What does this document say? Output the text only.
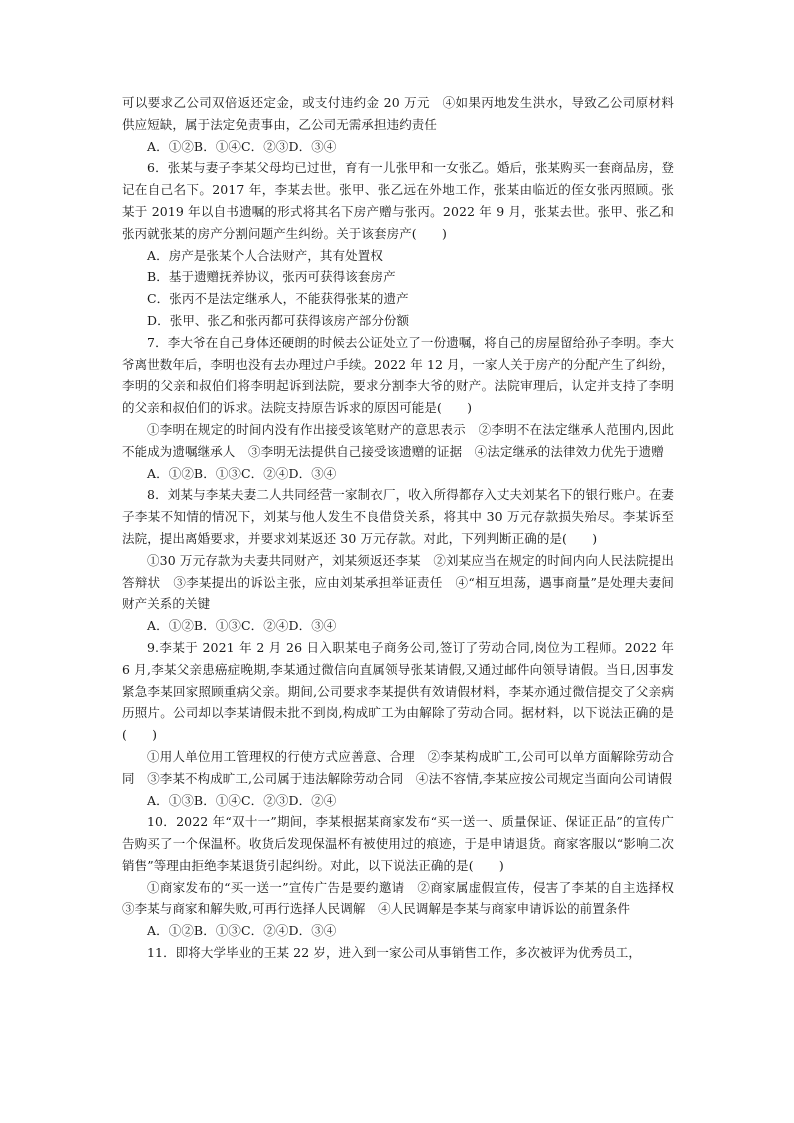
可以要求乙公司双倍返还定金，或支付违约金 20 万元　④如果丙地发生洪水，导致乙公司原材料供应短缺，属于法定免责事由，乙公司无需承担违约责任

A．①②B．①④C．②③D．③④

6．张某与妻子李某父母均已过世，育有一儿张甲和一女张乙。婚后，张某购买一套商品房，登记在自己名下。2017 年，李某去世。张甲、张乙远在外地工作，张某由临近的侄女张丙照顾。张某于 2019 年以自书遗嘱的形式将其名下房产赠与张丙。2022 年 9 月，张某去世。张甲、张乙和张丙就张某的房产分割问题产生纠纷。关于该套房产(　　)

A．房产是张某个人合法财产，其有处置权

B．基于遗赠抚养协议，张丙可获得该套房产

C．张丙不是法定继承人，不能获得张某的遗产

D．张甲、张乙和张丙都可获得该房产部分份额

7．李大爷在自己身体还硬朗的时候去公证处立了一份遗嘱，将自己的房屋留给孙子李明。李大爷离世数年后，李明也没有去办理过户手续。2022 年 12 月，一家人关于房产的分配产生了纠纷，李明的父亲和叔伯们将李明起诉到法院，要求分割李大爷的财产。法院审理后，认定并支持了李明的父亲和叔伯们的诉求。法院支持原告诉求的原因可能是(　　)

①李明在规定的时间内没有作出接受该笔财产的意思表示　②李明不在法定继承人范围内,因此不能成为遗嘱继承人　③李明无法提供自己接受该遗赠的证据　④法定继承的法律效力优先于遗赠

A．①②B．①③C．②④D．③④

8．刘某与李某夫妻二人共同经营一家制衣厂，收入所得都存入丈夫刘某名下的银行账户。在妻子李某不知情的情况下，刘某与他人发生不良借贷关系，将其中 30 万元存款损失殆尽。李某诉至法院，提出离婚要求，并要求刘某返还 30 万元存款。对此，下列判断正确的是(　　)

①30 万元存款为夫妻共同财产，刘某须返还李某　②刘某应当在规定的时间内向人民法院提出答辩状　③李某提出的诉讼主张，应由刘某承担举证责任　④“相互坦荡，遇事商量”是处理夫妻间财产关系的关键

A．①②B．①③C．②④D．③④

9.李某于 2021 年 2 月 26 日入职某电子商务公司,签订了劳动合同,岗位为工程师。2022 年 6 月,李某父亲患癌症晚期,李某通过微信向直属领导张某请假,又通过邮件向领导请假。当日,因事发紧急李某回家照顾重病父亲。期间,公司要求李某提供有效请假材料，李某亦通过微信提交了父亲病历照片。公司却以李某请假未批不到岗,构成旷工为由解除了劳动合同。据材料，以下说法正确的是(　　)

①用人单位用工管理权的行使方式应善意、合理　②李某构成旷工,公司可以单方面解除劳动合同　③李某不构成旷工,公司属于违法解除劳动合同　④法不容情,李某应按公司规定当面向公司请假

A．①③B．①④C．②③D．②④

10．2022 年“双十一”期间，李某根据某商家发布“买一送一、质量保证、保证正品”的宣传广告购买了一个保温杯。收货后发现保温杯有被使用过的痕迹，于是申请退货。商家客服以“影响二次销售”等理由拒绝李某退货引起纠纷。对此，以下说法正确的是(　　)

①商家发布的“买一送一”宣传广告是要约邀请　②商家属虚假宣传，侵害了李某的自主选择权　③李某与商家和解失败,可再行选择人民调解　④人民调解是李某与商家申请诉讼的前置条件

A．①②B．①③C．②④D．③④

11．即将大学毕业的王某 22 岁，进入到一家公司从事销售工作，多次被评为优秀员工，
